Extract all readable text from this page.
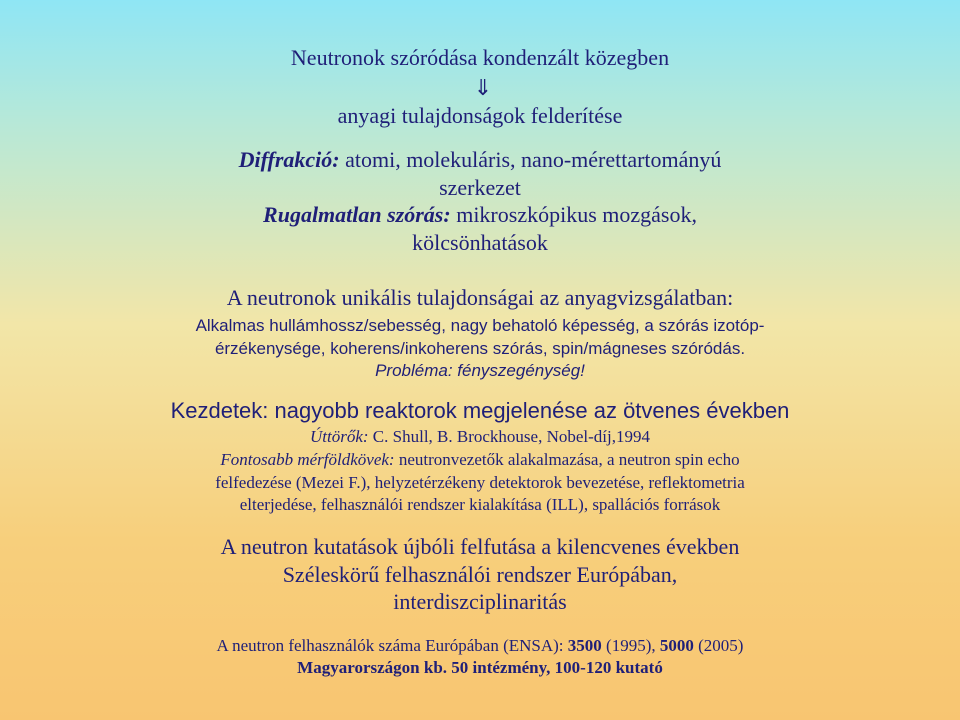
Neutronok szóródása kondenzált közegben
⇓
anyagi tulajdonságok felderítése
Diffrakció: atomi, molekuláris, nano-mérettartományú
szerkezet
Rugalmatlan szórás: mikroszkópikus mozgások,
kölcsönhatások
A neutronok unikális tulajdonságai az anyagvizsgálatban:
Alkalmas hullámhossz/sebesség, nagy behatoló képesség, a szórás izotóp-
érzékenysége, koherens/inkoherens szórás, spin/mágneses szóródás.
Probléma: fényszegénység!
Kezdetek: nagyobb reaktorok megjelenése az ötvenes években
Úttörők: C. Shull, B. Brockhouse, Nobel-díj,1994
Fontosabb mérföldkövek: neutronvezetők alakalmazása, a neutron spin echo
felfedezése (Mezei F.), helyzetérzékeny detektorok bevezetése, reflektometria
elterjedése, felhasználói rendszer kialakítása (ILL), spallációs források
A neutron kutatások újbóli felfutása a kilencvenes években
Széleskörű felhasználói rendszer Európában,
interdiszciplinaritás
A neutron felhasználók száma Európában (ENSA): 3500 (1995), 5000 (2005)
Magyarországon kb. 50 intézmény, 100-120 kutató
